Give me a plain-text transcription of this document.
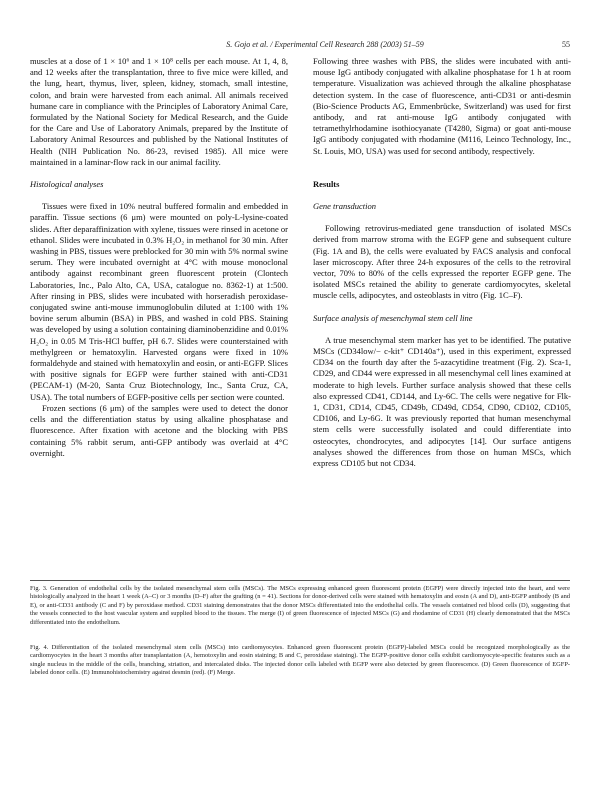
S. Gojo et al. / Experimental Cell Research 288 (2003) 51–59	55

muscles at a dose of 1 × 10⁶ and 1 × 10⁸ cells per each mouse. At 1, 4, 8, and 12 weeks after the transplantation, three to five mice were killed, and the lung, heart, thymus, liver, spleen, kidney, stomach, small intestine, colon, and brain were harvested from each animal. All animals received humane care in compliance with the Principles of Laboratory Animal Care, formulated by the National Society for Medical Research, and the Guide for the Care and Use of Laboratory Animals, prepared by the Institute of Laboratory Animal Resources and published by the National Institutes of Health (NIH Publication No. 86-23, revised 1985). All mice were maintained in a laminar-flow rack in our animal facility.

Histological analyses

Tissues were fixed in 10% neutral buffered formalin and embedded in paraffin. Tissue sections (6 μm) were mounted on poly-L-lysine-coated slides. After deparaffinization with xylene, tissues were rinsed in acetone or ethanol. Slides were incubated in 0.3% H₂O₂ in methanol for 30 min. After washing in PBS, tissues were preblocked for 30 min with 5% normal swine serum. They were incubated overnight at 4°C with mouse monoclonal antibody against recombinant green fluorescent protein (Clontech Laboratories, Inc., Palo Alto, CA, USA, catalogue no. 8362-1) at 1:500. After rinsing in PBS, slides were incubated with horseradish peroxidase-conjugated swine anti-mouse immunoglobulin diluted at 1:100 with 1% bovine serum albumin (BSA) in PBS, and washed in cold PBS. Staining was developed by using a solution containing diaminobenzidine and 0.01% H₂O₂ in 0.05 M Tris-HCl buffer, pH 6.7. Slides were counterstained with methylgreen or hematoxylin. Harvested organs were fixed in 10% formaldehyde and stained with hematoxylin and eosin, or anti-EGFP. Slices with positive signals for EGFP were further stained with anti-CD31 (PECAM-1) (M-20, Santa Cruz Biotechnology, Inc., Santa Cruz, CA, USA). The total numbers of EGFP-positive cells per section were counted.

Frozen sections (6 μm) of the samples were used to detect the donor cells and the differentiation status by using alkaline phosphatase and fluorescence. After fixation with acetone and the blocking with PBS containing 5% rabbit serum, anti-GFP antibody was overlaid at 4°C overnight.

Following three washes with PBS, the slides were incubated with anti-mouse IgG antibody conjugated with alkaline phosphatase for 1 h at room temperature. Visualization was achieved through the alkaline phosphatase detection system. In the case of fluorescence, anti-CD31 or anti-desmin (Bio-Science Products AG, Emmenbrücke, Switzerland) was used for first antibody, and rat anti-mouse IgG antibody conjugated with tetramethylrhodamine isothiocyanate (T4280, Sigma) or goat anti-mouse IgG antibody conjugated with rhodamine (M116, Leinco Technology, Inc., St. Louis, MO, USA) was used for second antibody, respectively.

Results

Gene transduction

Following retrovirus-mediated gene transduction of isolated MSCs derived from marrow stroma with the EGFP gene and subsequent culture (Fig. 1A and B), the cells were evaluated by FACS analysis and confocal laser microscopy. After three 24-h exposures of the cells to the retroviral vector, 70% to 80% of the cells expressed the reporter EGFP gene. The isolated MSCs retained the ability to generate cardiomyocytes, skeletal muscle cells, adipocytes, and osteoblasts in vitro (Fig. 1C–F).

Surface analysis of mesenchymal stem cell line

A true mesenchymal stem marker has yet to be identified. The putative MSCs (CD34low/− c-kit⁺ CD140a⁺), used in this experiment, expressed CD34 on the fourth day after the 5-azacytidine treatment (Fig. 2). Sca-1, CD29, and CD44 were expressed in all mesenchymal cell lines examined at moderate to high levels. Further surface analysis showed that these cells also expressed CD41, CD144, and Ly-6C. The cells were negative for Flk-1, CD31, CD14, CD45, CD49b, CD49d, CD54, CD90, CD102, CD105, CD106, and Ly-6G. It was previously reported that human mesenchymal stem cells were successfully isolated and could differentiate into osteocytes, chondrocytes, and adipocytes [14]. Our surface antigens analyses showed the differences from those on human MSCs, which express CD105 but not CD34.

Fig. 3. Generation of endothelial cells by the isolated mesenchymal stem cells (MSCs). The MSCs expressing enhanced green fluorescent protein (EGFP) were directly injected into the heart, and were histologically analyzed in the heart 1 week (A–C) or 3 months (D–F) after the grafting (n = 41). Sections for donor-derived cells were stained with hematoxylin and eosin (A and D), anti-EGFP antibody (B and E), or anti-CD31 antibody (C and F) by peroxidase method. CD31 staining demonstrates that the donor MSCs differentiated into the endothelial cells. The vessels contained red blood cells (D), suggesting that the vessels connected to the host vascular system and supplied blood to the tissues. The merge (I) of green fluorescence of injected MSCs (G) and rhodamine of CD31 (H) clearly demonstrated that the MSCs differentiated into the endothelium.

Fig. 4. Differentiation of the isolated mesenchymal stem cells (MSCs) into cardiomyocytes. Enhanced green fluorescent protein (EGFP)-labeled MSCs could be recognized morphologically as the cardiomyocytes in the heart 3 months after transplantation (A, hemotoxylin and eosin staining; B and C, peroxidase staining). The EGFP-positive donor cells exhibit cardiomyocyte-specific features such as a single nucleus in the middle of the cells, branching, striation, and intercalated disks. The injected donor cells labeled with EGFP were also detected by green fluorescence. (D) Green fluorescence of EGFP-labeled donor cells. (E) Immunohistochemistry against desmin (red). (F) Merge.
